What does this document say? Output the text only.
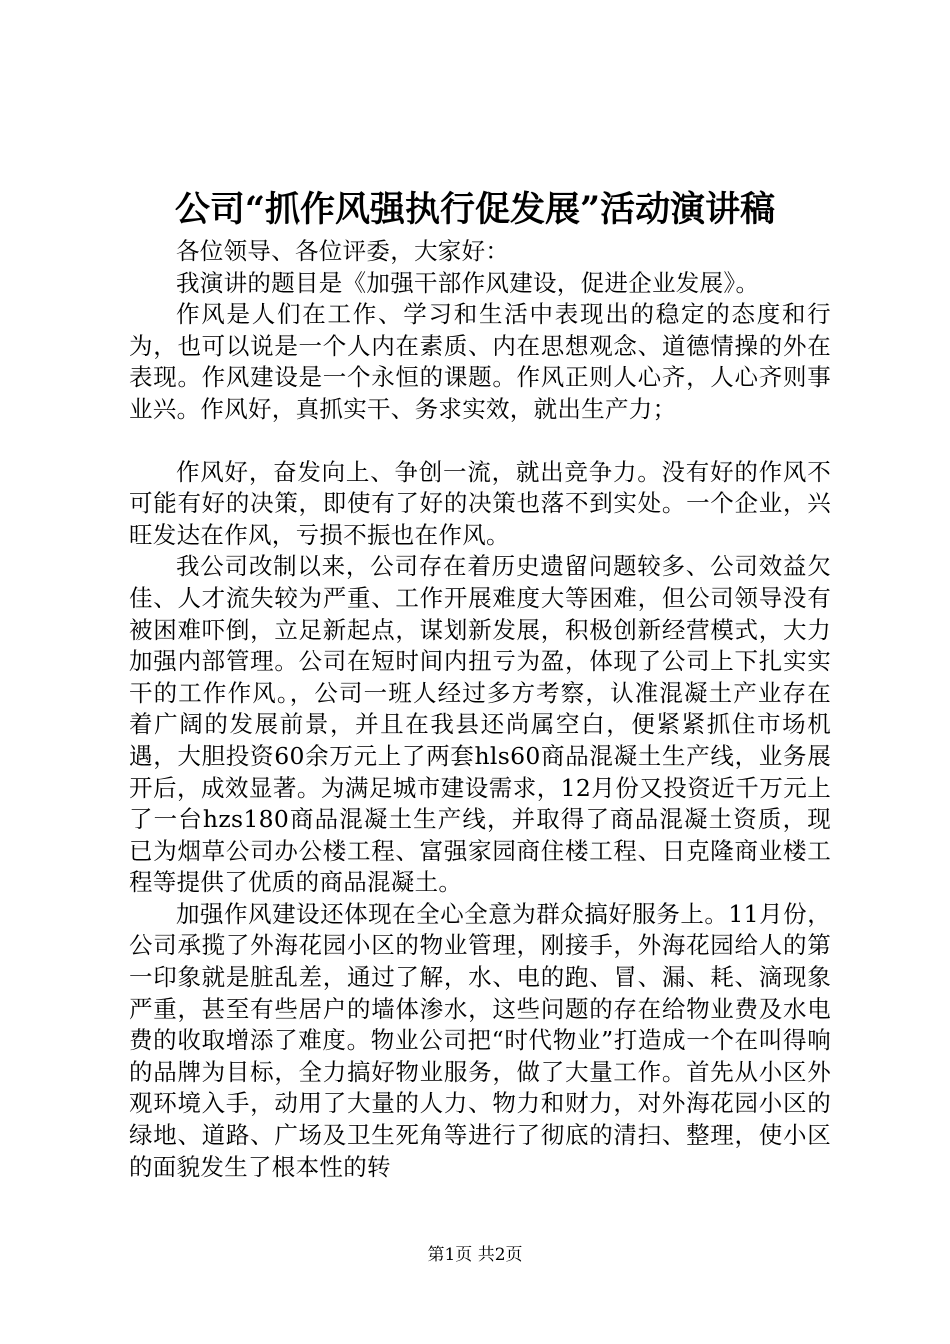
公司“抓作风强执行促发展”活动演讲稿

各位领导、各位评委，大家好：

我演讲的题目是《加强干部作风建设，促进企业发展》。

作风是人们在工作、学习和生活中表现出的稳定的态度和行为，也可以说是一个人内在素质、内在思想观念、道德情操的外在表现。作风建设是一个永恒的课题。作风正则人心齐，人心齐则事业兴。作风好，真抓实干、务求实效，就出生产力；

作风好，奋发向上、争创一流，就出竞争力。没有好的作风不可能有好的决策，即使有了好的决策也落不到实处。一个企业，兴旺发达在作风，亏损不振也在作风。

我公司改制以来，公司存在着历史遗留问题较多、公司效益欠佳、人才流失较为严重、工作开展难度大等困难，但公司领导没有被困难吓倒，立足新起点，谋划新发展，积极创新经营模式，大力加强内部管理。公司在短时间内扭亏为盈，体现了公司上下扎实实干的工作作风。，公司一班人经过多方考察，认准混凝土产业存在着广阔的发展前景，并且在我县还尚属空白，便紧紧抓住市场机遇，大胆投资60余万元上了两套hls60商品混凝土生产线，业务展开后，成效显著。为满足城市建设需求，12月份又投资近千万元上了一台hzs180商品混凝土生产线，并取得了商品混凝土资质，现已为烟草公司办公楼工程、富强家园商住楼工程、日克隆商业楼工程等提供了优质的商品混凝土。

加强作风建设还体现在全心全意为群众搞好服务上。11月份，公司承揽了外海花园小区的物业管理，刚接手，外海花园给人的第一印象就是脏乱差，通过了解，水、电的跑、冒、漏、耗、滴现象严重，甚至有些居户的墙体渗水，这些问题的存在给物业费及水电费的收取增添了难度。物业公司把“时代物业”打造成一个在叫得响的品牌为目标，全力搞好物业服务，做了大量工作。首先从小区外观环境入手，动用了大量的人力、物力和财力，对外海花园小区的绿地、道路、广场及卫生死角等进行了彻底的清扫、整理，使小区的面貌发生了根本性的转

第1页 共2页
